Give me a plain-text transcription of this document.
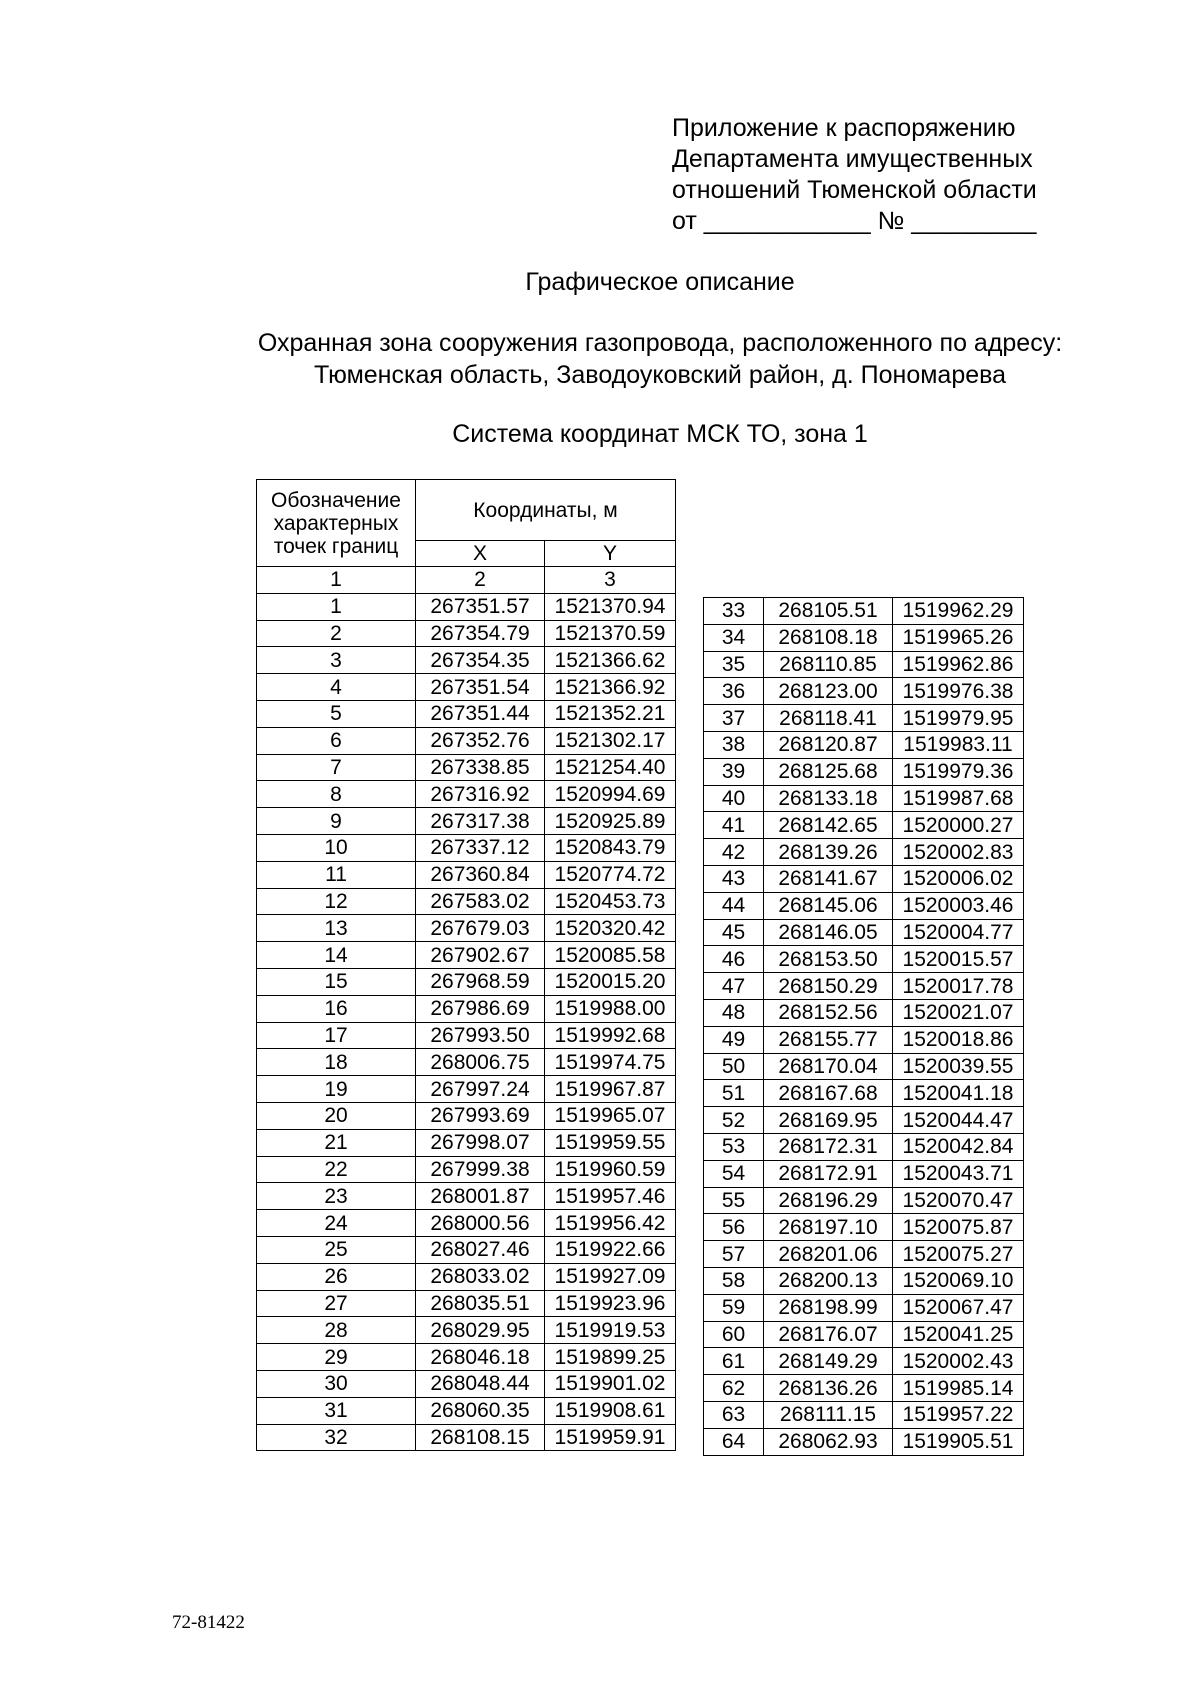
Приложение к распоряжению
Департамента имущественных
отношений Тюменской области
от ____________ № _________
Графическое описание
Охранная зона сооружения газопровода, расположенного по адресу:
Тюменская область, Заводоуковский район, д. Пономарева
Система координат МСК ТО, зона 1
Обозначение характерных точек границ	Координаты, м	
	X	Y
1	2	3
1	267351.57	1521370.94
2	267354.79	1521370.59
3	267354.35	1521366.62
4	267351.54	1521366.92
5	267351.44	1521352.21
6	267352.76	1521302.17
7	267338.85	1521254.40
8	267316.92	1520994.69
9	267317.38	1520925.89
10	267337.12	1520843.79
11	267360.84	1520774.72
12	267583.02	1520453.73
13	267679.03	1520320.42
14	267902.67	1520085.58
15	267968.59	1520015.20
16	267986.69	1519988.00
17	267993.50	1519992.68
18	268006.75	1519974.75
19	267997.24	1519967.87
20	267993.69	1519965.07
21	267998.07	1519959.55
22	267999.38	1519960.59
23	268001.87	1519957.46
24	268000.56	1519956.42
25	268027.46	1519922.66
26	268033.02	1519927.09
27	268035.51	1519923.96
28	268029.95	1519919.53
29	268046.18	1519899.25
30	268048.44	1519901.02
31	268060.35	1519908.61
32	268108.15	1519959.91
33	268105.51	1519962.29
34	268108.18	1519965.26
35	268110.85	1519962.86
36	268123.00	1519976.38
37	268118.41	1519979.95
38	268120.87	1519983.11
39	268125.68	1519979.36
40	268133.18	1519987.68
41	268142.65	1520000.27
42	268139.26	1520002.83
43	268141.67	1520006.02
44	268145.06	1520003.46
45	268146.05	1520004.77
46	268153.50	1520015.57
47	268150.29	1520017.78
48	268152.56	1520021.07
49	268155.77	1520018.86
50	268170.04	1520039.55
51	268167.68	1520041.18
52	268169.95	1520044.47
53	268172.31	1520042.84
54	268172.91	1520043.71
55	268196.29	1520070.47
56	268197.10	1520075.87
57	268201.06	1520075.27
58	268200.13	1520069.10
59	268198.99	1520067.47
60	268176.07	1520041.25
61	268149.29	1520002.43
62	268136.26	1519985.14
63	268111.15	1519957.22
64	268062.93	1519905.51
72-81422
